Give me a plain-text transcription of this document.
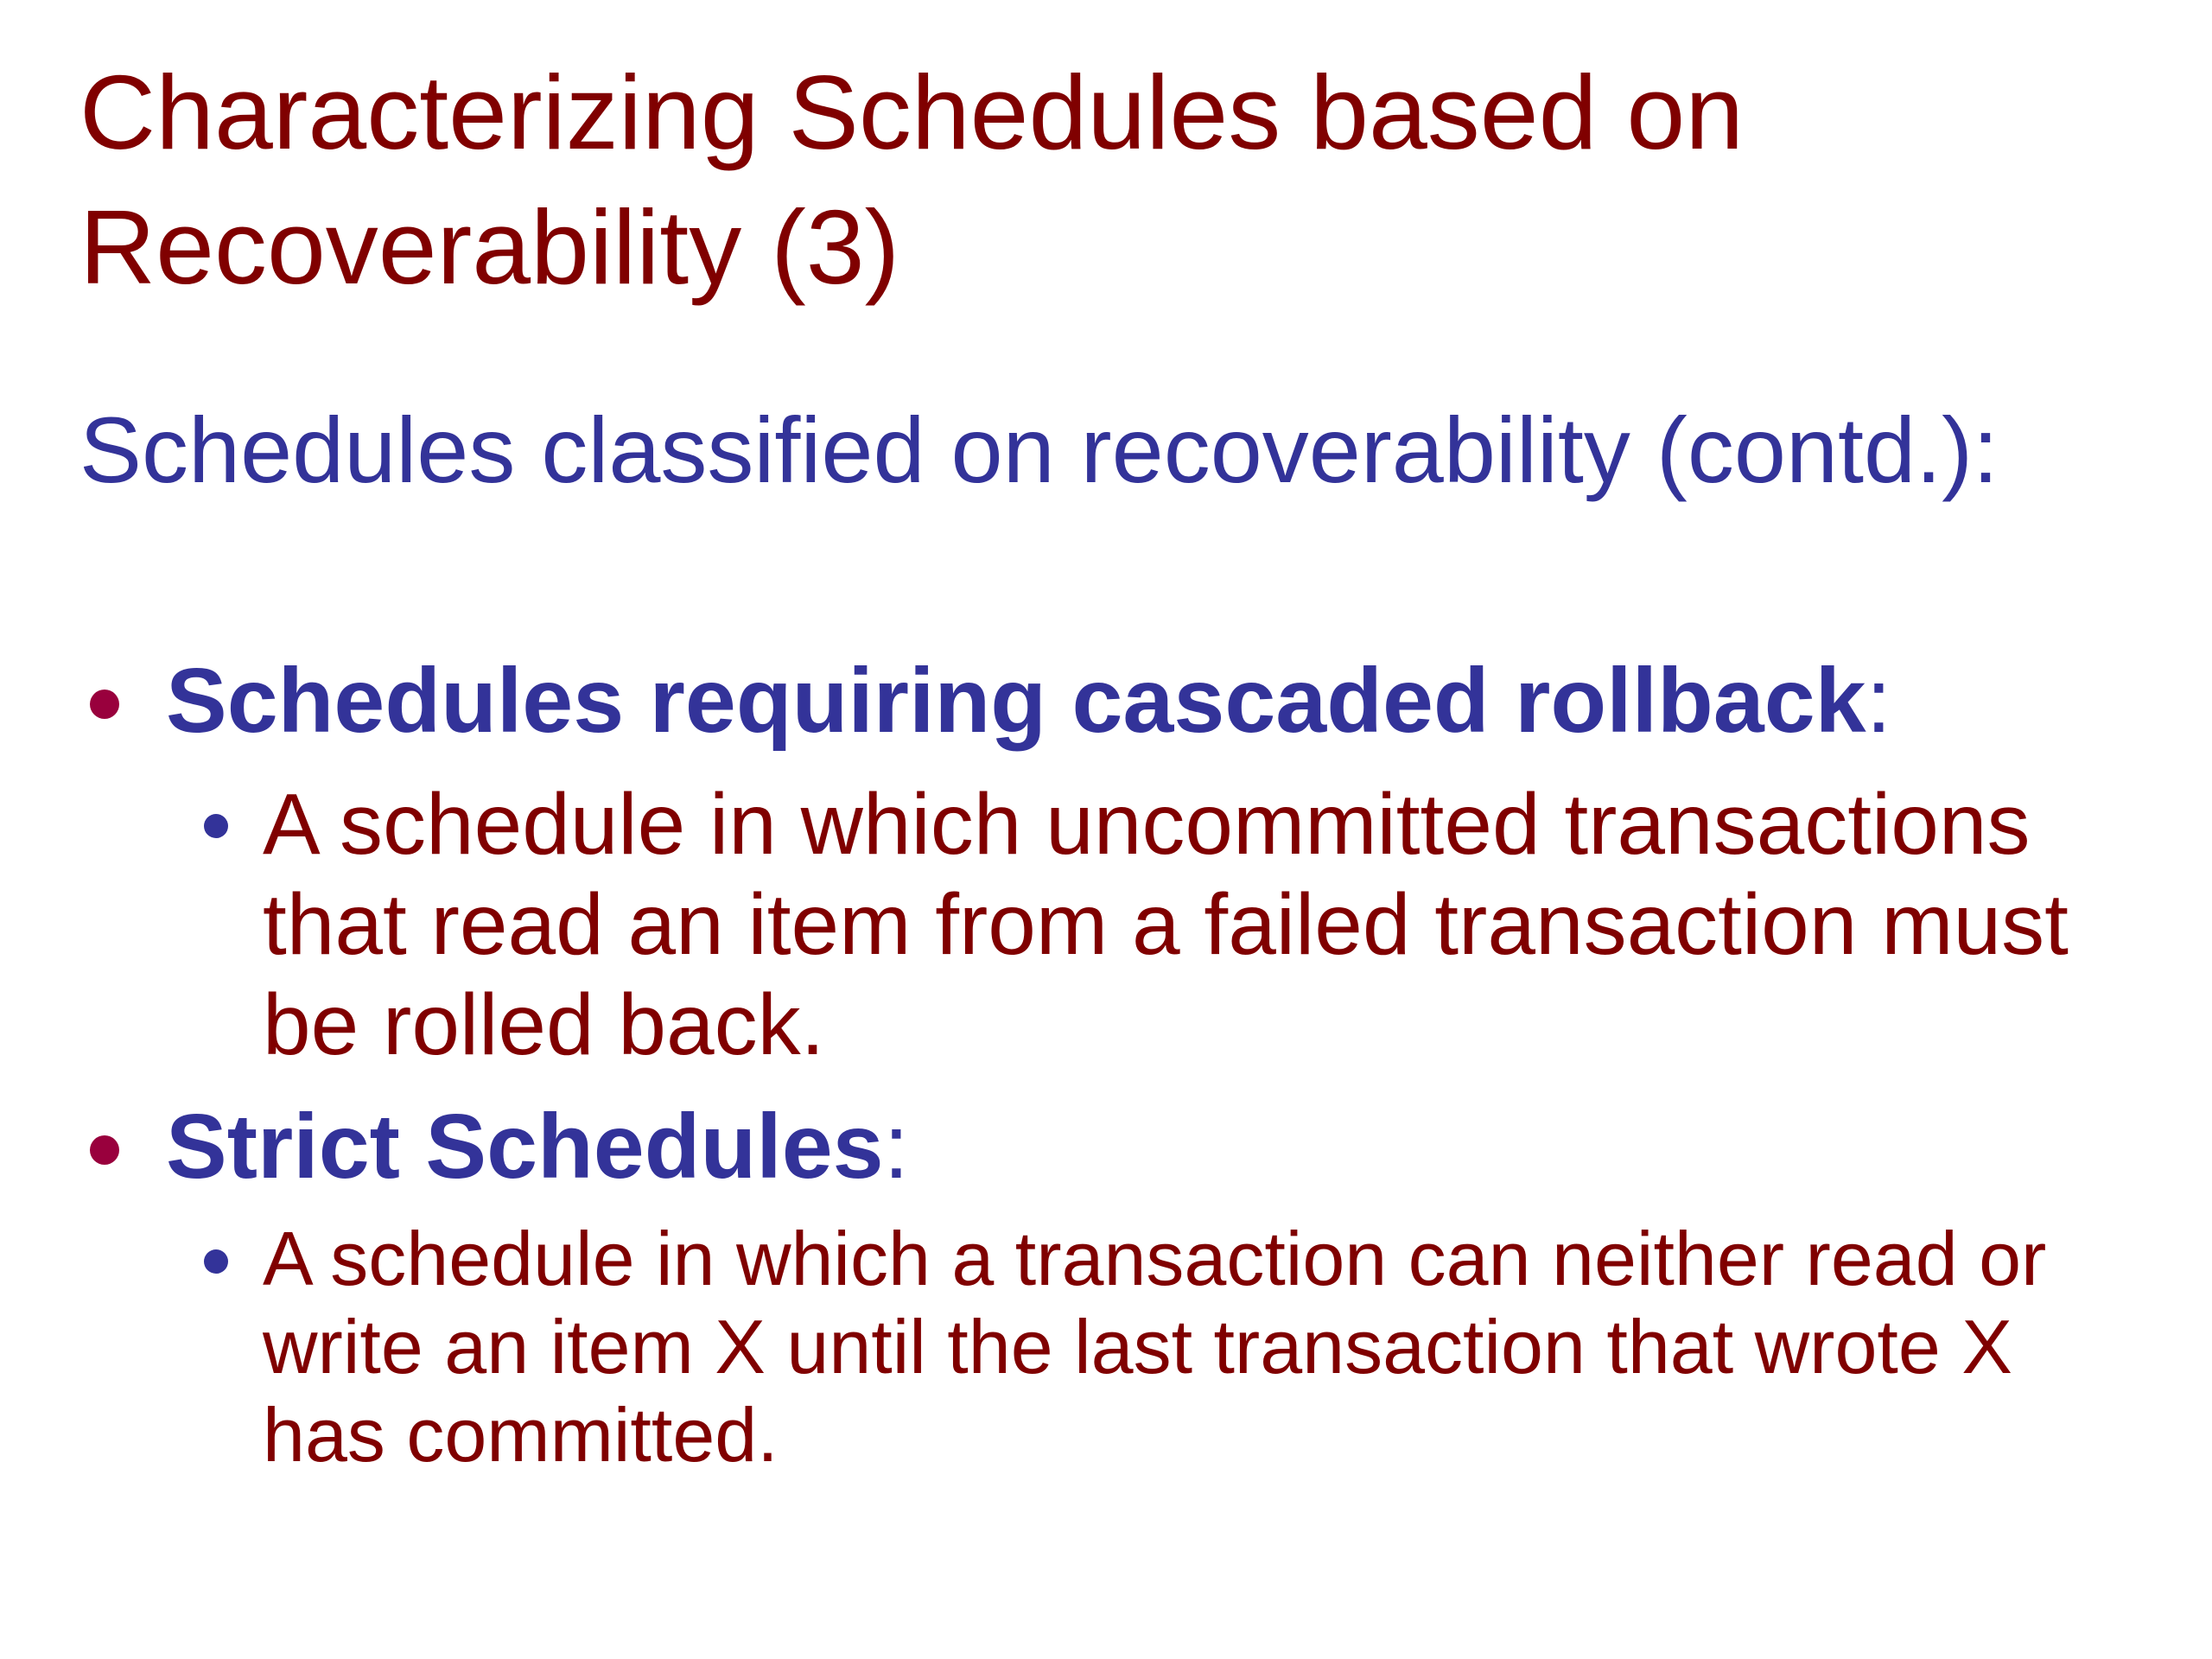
Characterizing Schedules based on
Recoverability (3)
Schedules classified on recoverability (contd.):
Schedules requiring cascaded rollback:
A schedule in which uncommitted transactions that read an item from a failed transaction must be rolled back.
Strict Schedules:
A schedule in which a transaction can neither read or write an item X until the last transaction that wrote X has committed.
